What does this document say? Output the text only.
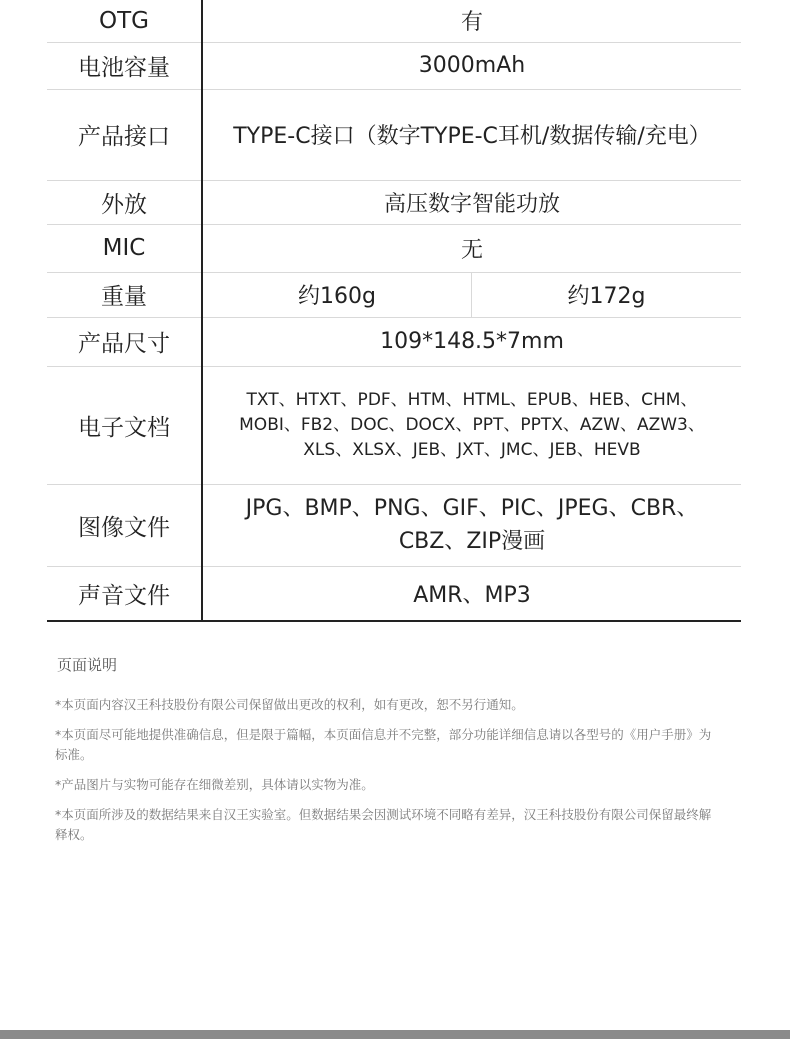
OTG	有	
电池容量	3000mAh	
产品接口	TYPE-C接口（数字TYPE-C耳机/数据传输/充电）	
外放	高压数字智能功放	
MIC	无	
重量	约160g	约172g
产品尺寸	109*148.5*7mm	
电子文档	TXT、HTXT、PDF、HTM、HTML、EPUB、HEB、CHM、
MOBI、FB2、DOC、DOCX、PPT、PPTX、AZW、AZW3、
XLS、XLSX、JEB、JXT、JMC、JEB、HEVB	

图像文件	JPG、BMP、PNG、GIF、PIC、JPEG、CBR、
CBZ、ZIP漫画	

声音文件	AMR、MP3	
页面说明

*本页面内容汉王科技股份有限公司保留做出更改的权利，如有更改，恕不另行通知。

*本页面尽可能地提供准确信息，但是限于篇幅，本页面信息并不完整，部分功能详细信息请以各型号的《用户手册》为标准。

*产品图片与实物可能存在细微差别，具体请以实物为准。

*本页面所涉及的数据结果来自汉王实验室。但数据结果会因测试环境不同略有差异，汉王科技股份有限公司保留最终解释权。
